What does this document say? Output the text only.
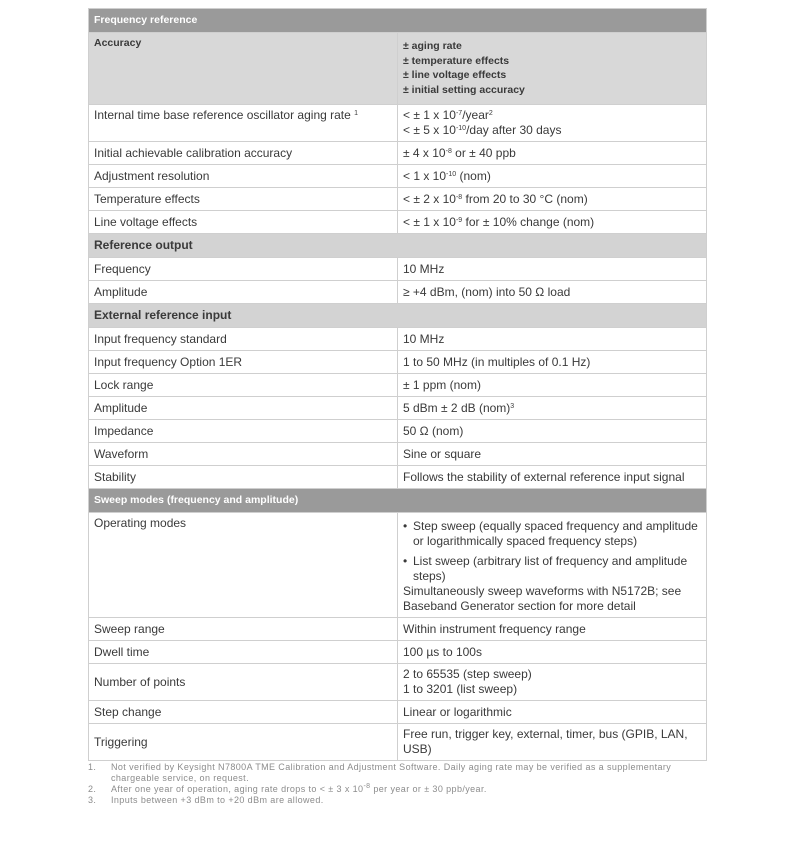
Frequency reference	
Accuracy	± aging rate
± temperature effects
± line voltage effects
± initial setting accuracy

Internal time base reference oscillator aging rate $^1$	< ± 1 x $10^{-7}/year^2$
< ± 5 x $10^{-10}$/day after 30 days

Initial achievable calibration accuracy	± 4 x $10^{-8}$ or ± 40 ppb
Adjustment resolution	< 1 x $10^{-10}$ (nom)
Temperature effects	< ± 2 x $10^{-8}$ from 20 to 30 °C (nom)
Line voltage effects	< ± 1 x $10^{-9}$ for ± 10% change (nom)
Reference output	
Frequency	10 MHz
Amplitude	≥ +4 dBm, (nom) into 50 Ω load
External reference input	
Input frequency standard	10 MHz
Input frequency Option 1ER	1 to 50 MHz (in multiples of 0.1 Hz)
Lock range	± 1 ppm (nom)
Amplitude	5 dBm ± 2 dB (nom)$^3$
Impedance	50 Ω (nom)
Waveform	Sine or square
Stability	Follows the stability of external reference input signal
Sweep modes (frequency and amplitude)	
Operating modes	• Step sweep (equally spaced frequency and amplitude or logarithmically spaced frequency steps)
• List sweep (arbitrary list of frequency and amplitude steps)
Simultaneously sweep waveforms with N5172B; see Baseband Generator section for more detail

Sweep range	Within instrument frequency range
Dwell time	100 µs to 100s
Number of points	2 to 65535 (step sweep)
1 to 3201 (list sweep)

Step change	Linear or logarithmic
Triggering	Free run, trigger key, external, timer, bus (GPIB, LAN, USB)
1.	Not verified by Keysight N7800A TME Calibration and Adjustment Software. Daily aging rate may be verified as a supplementary chargeable service, on request.
2.	After one year of operation, aging rate drops to < ± 3 x $10^{-8}$ per year or ± 30 ppb/year.
3.	Inputs between +3 dBm to +20 dBm are allowed.
